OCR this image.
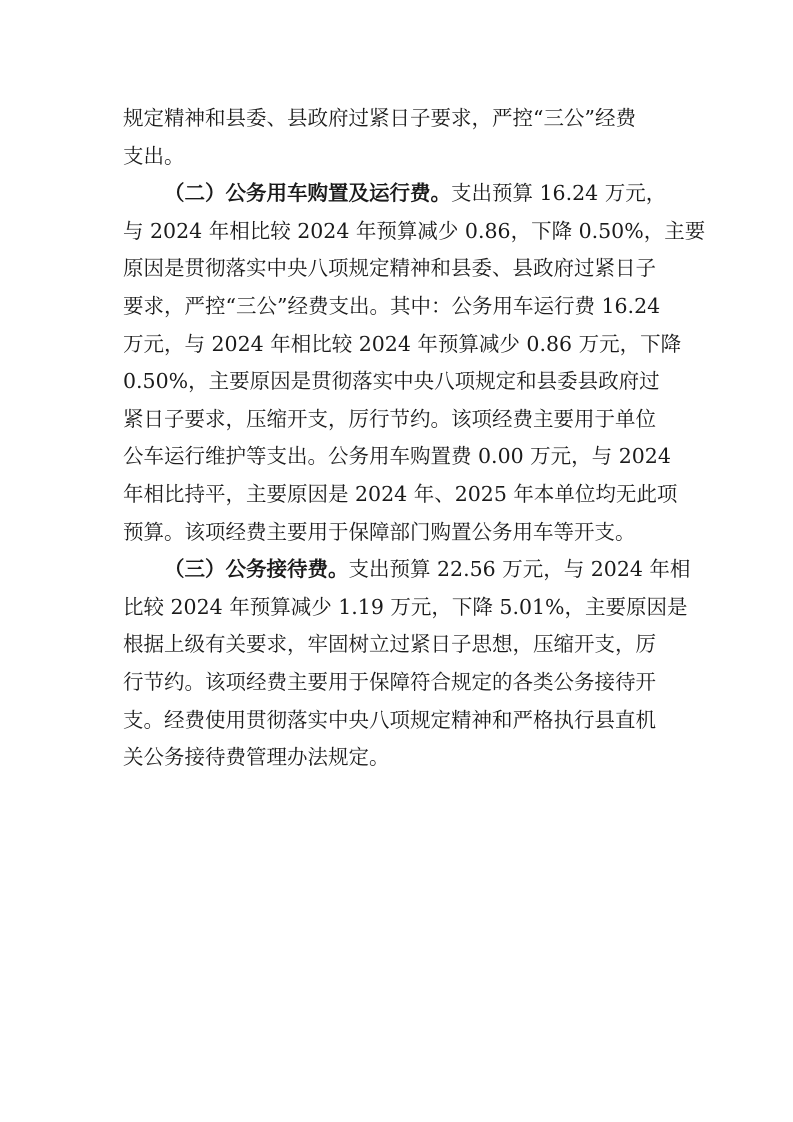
规定精神和县委、县政府过紧日子要求，严控“三公”经费
支出。
（二）公务用车购置及运行费。支出预算 16.24 万元，
与 2024 年相比较 2024 年预算减少 0.86，下降 0.50%，主要
原因是贯彻落实中央八项规定精神和县委、县政府过紧日子
要求，严控“三公”经费支出。其中：公务用车运行费 16.24
万元，与 2024 年相比较 2024 年预算减少 0.86 万元，下降
0.50%，主要原因是贯彻落实中央八项规定和县委县政府过
紧日子要求，压缩开支，厉行节约。该项经费主要用于单位
公车运行维护等支出。公务用车购置费 0.00 万元，与 2024
年相比持平，主要原因是 2024 年、2025 年本单位均无此项
预算。该项经费主要用于保障部门购置公务用车等开支。
（三）公务接待费。支出预算 22.56 万元，与 2024 年相
比较 2024 年预算减少 1.19 万元，下降 5.01%，主要原因是
根据上级有关要求，牢固树立过紧日子思想，压缩开支，厉
行节约。该项经费主要用于保障符合规定的各类公务接待开
支。经费使用贯彻落实中央八项规定精神和严格执行县直机
关公务接待费管理办法规定。
